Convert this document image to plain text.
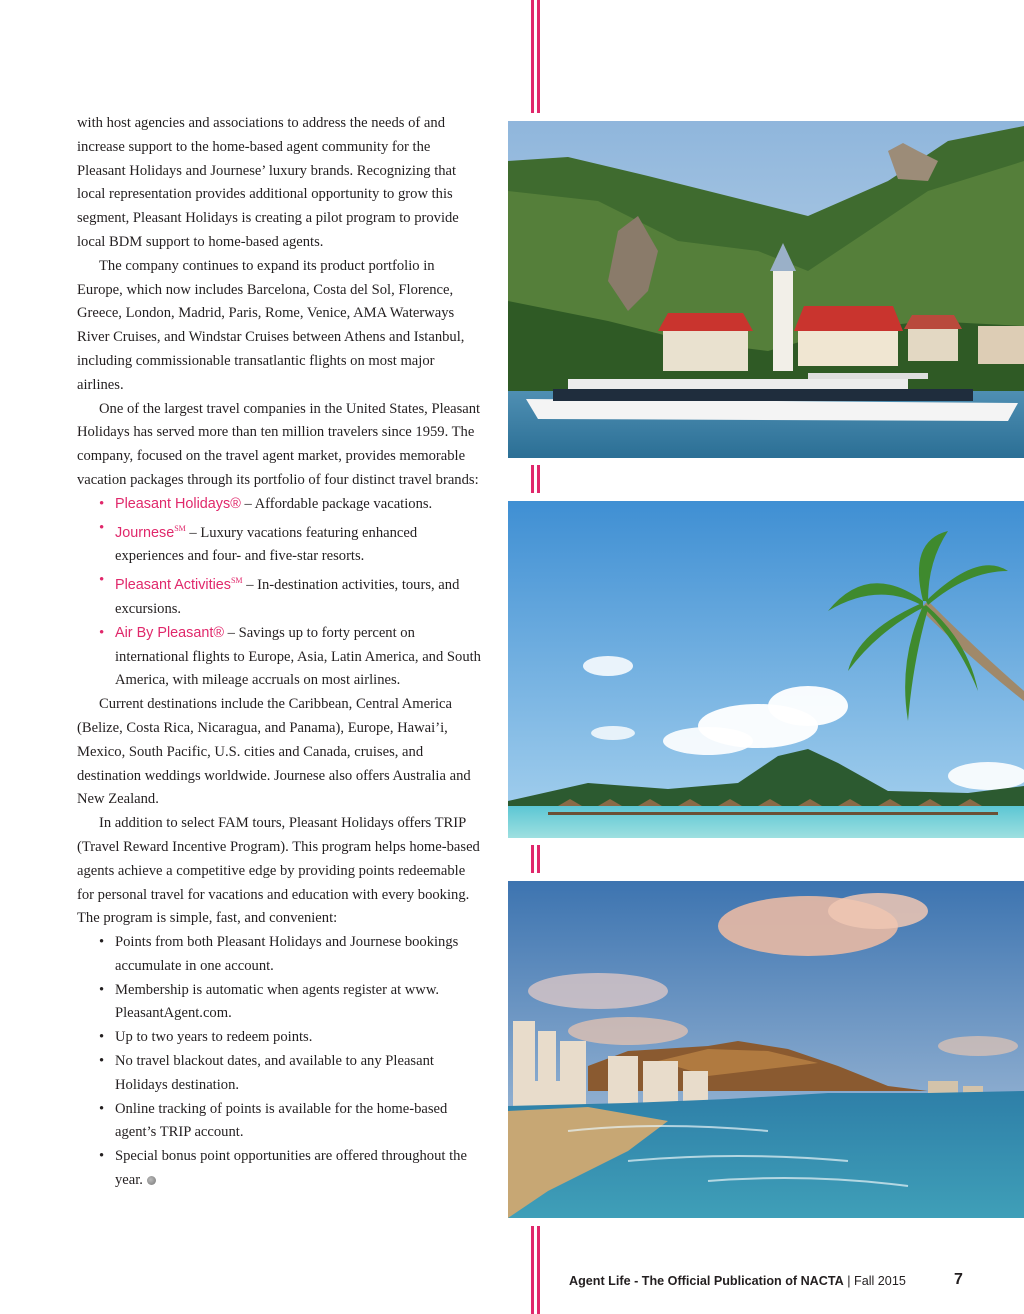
with host agencies and associations to address the needs of and increase support to the home-based agent community for the Pleasant Holidays and Journese’ luxury brands. Recognizing that local representation provides additional opportunity to grow this segment, Pleasant Holidays is creating a pilot program to provide local BDM support to home-based agents.

The company continues to expand its product portfolio in Europe, which now includes Barcelona, Costa del Sol, Florence, Greece, London, Madrid, Paris, Rome, Venice, AMA Waterways River Cruises, and Windstar Cruises between Athens and Istanbul, including commissionable transatlantic flights on most major airlines.

One of the largest travel companies in the United States, Pleasant Holidays has served more than ten million travelers since 1959. The company, focused on the travel agent market, provides memorable vacation packages through its portfolio of four distinct travel brands:

• Pleasant Holidays® – Affordable package vacations.
• Journese℠ – Luxury vacations featuring enhanced experiences and four- and five-star resorts.
• Pleasant Activities℠ – In-destination activities, tours, and excursions.
• Air By Pleasant® – Savings up to forty percent on international flights to Europe, Asia, Latin America, and South America, with mileage accruals on most airlines.

Current destinations include the Caribbean, Central America (Belize, Costa Rica, Nicaragua, and Panama), Europe, Hawai’i, Mexico, South Pacific, U.S. cities and Canada, cruises, and destination weddings worldwide. Journese also offers Australia and New Zealand.

In addition to select FAM tours, Pleasant Holidays offers TRIP (Travel Reward Incentive Program). This program helps home-based agents achieve a competitive edge by providing points redeemable for personal travel for vacations and education with every booking. The program is simple, fast, and convenient:

• Points from both Pleasant Holidays and Journese bookings accumulate in one account.
• Membership is automatic when agents register at www. PleasantAgent.com.
• Up to two years to redeem points.
• No travel blackout dates, and available to any Pleasant Holidays destination.
• Online tracking of points is available for the home-based agent’s TRIP account.
• Special bonus point opportunities are offered throughout the year.
Agent Life - The Official Publication of NACTA | Fall 2015	7
